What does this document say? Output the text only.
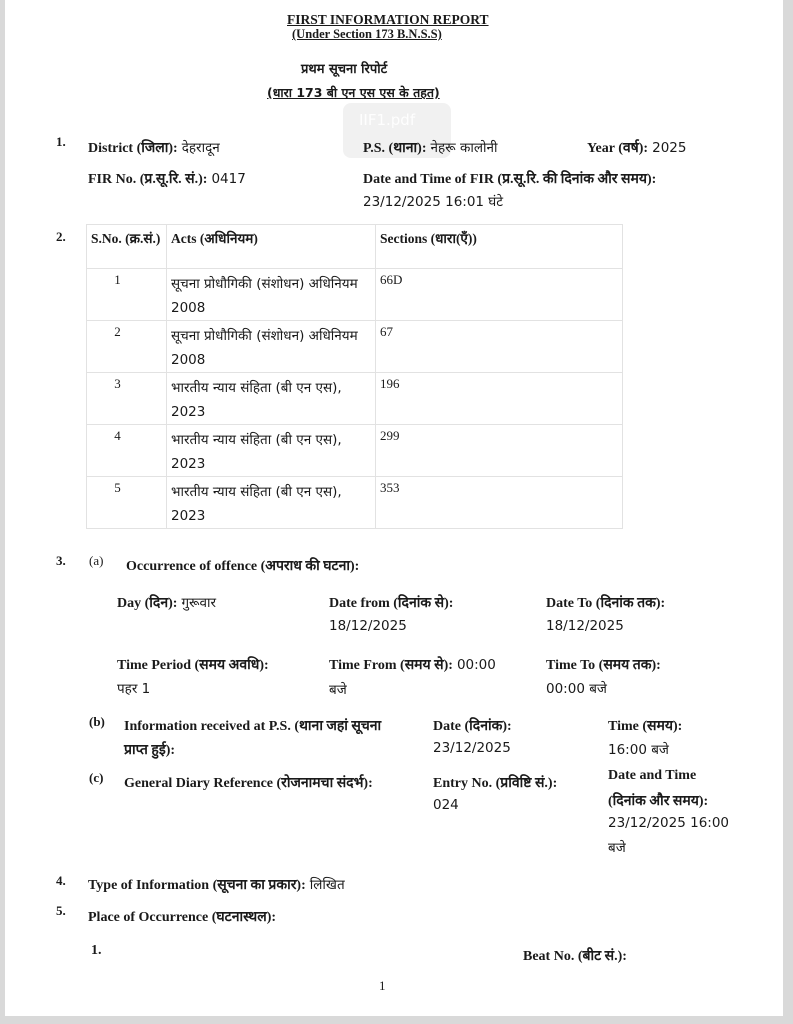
FIRST INFORMATION REPORT
(Under Section 173 B.N.S.S)
प्रथम सूचना रिपोर्ट
(धारा 173 बी एन एस एस के तहत)
IIF1.pdf
1. District (जिला): देहरादून	P.S. (थाना): नेहरू कालोनी	Year (वर्ष): 2025
FIR No. (प्र.सू.रि. सं.): 0417	Date and Time of FIR (प्र.सू.रि. की दिनांक और समय):
23/12/2025 16:01 घंटे
2. S.No. (क्र.सं.)	Acts (अधिनियम)	Sections (धारा(एँ))
1	सूचना प्रोधौगिकी (संशोधन) अधिनियम 2008	66D
2	सूचना प्रोधौगिकी (संशोधन) अधिनियम 2008	67
3	भारतीय न्याय संहिता (बी एन एस), 2023	196
4	भारतीय न्याय संहिता (बी एन एस), 2023	299
5	भारतीय न्याय संहिता (बी एन एस), 2023	353
3. (a) Occurrence of offence (अपराध की घटना):
Day (दिन): गुरूवार	Date from (दिनांक से):
18/12/2025
Date To (दिनांक तक):
18/12/2025
Time Period (समय अवधि):
पहर 1
Time From (समय से): 00:00
बजे
Time To (समय तक):
00:00 बजे
(b) Information received at P.S. (थाना जहां सूचना
प्राप्त हुई):
Date (दिनांक):
23/12/2025
Time (समय):
16:00 बजे
(c) General Diary Reference (रोजनामचा संदर्भ):	Entry No. (प्रविष्टि सं.):
024
Date and Time
(दिनांक और समय):
23/12/2025 16:00
बजे
4. Type of Information (सूचना का प्रकार): लिखित
5. Place of Occurrence (घटनास्थल):
1.	Beat No. (बीट सं.):
1
